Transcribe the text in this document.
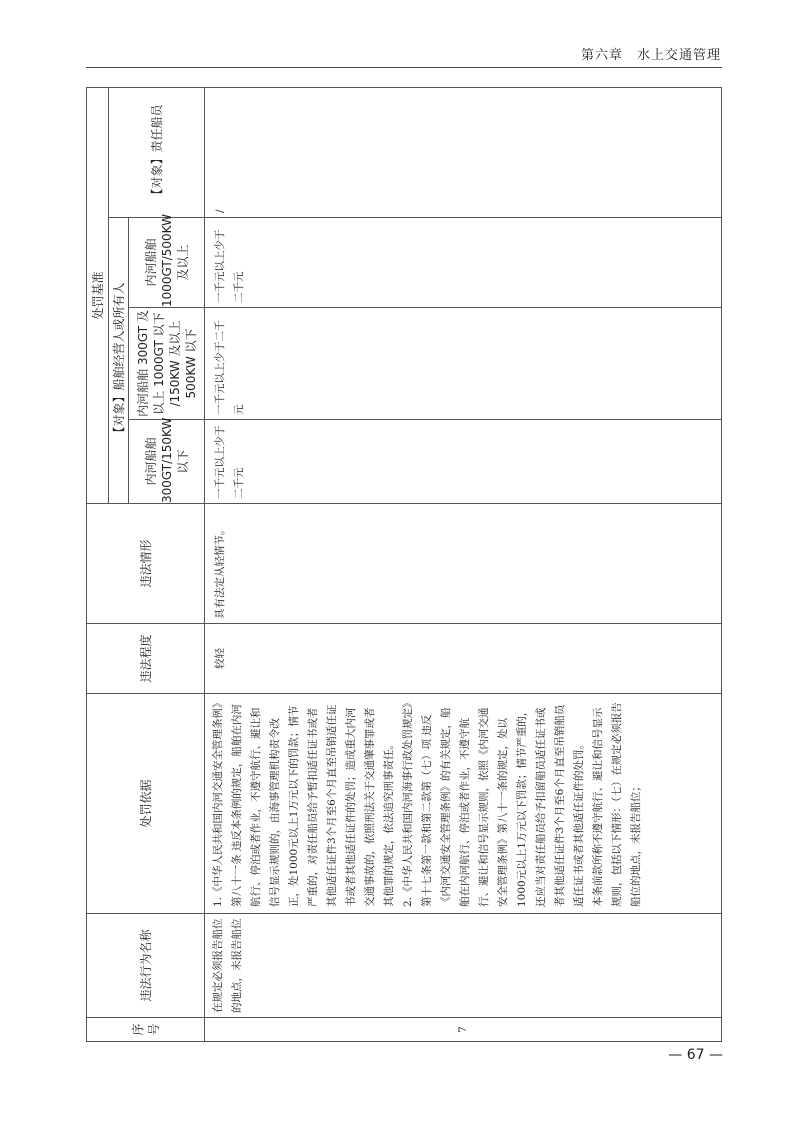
第六章　水上交通管理
序号	违法行为名称	处罚依据	违法程度	违法情形	处罚基准			
					【对象】船舶经营人或所有人			【对象】责任船员
					内河船舶 300GT/150KW 以下	内河船舶 300GT 及以上 1000GT 以下 /150KW 及以上 500KW 以下	内河船舶 1000GT/500KW 及以上	
7	在规定必须报告船位的地点，未报告船位	1.《中华人民共和国内河交通安全管理条例》第八十一条 违反本条例的规定，船舶在内河航行、停泊或者作业，不遵守航行、避让和信号显示规则的，由海事管理机构责令改正，处1000元以上1万元以下的罚款；情节严重的，对责任船员给予暂扣适任证书或者其他适任证件3个月至6个月直至吊销适任证书或者其他适任证件的处罚；造成重大内河交通事故的，依照刑法关于交通肇事罪或者其他罪的规定，依法追究刑事责任。 2.《中华人民共和国内河海事行政处罚规定》第十七条第一款和第二款第（七）项 违反《内河交通安全管理条例》的有关规定，船舶在内河航行、停泊或者作业，不遵守航行、避让和信号显示规则，依照《内河交通安全管理条例》第八十一条的规定，处以1000元以上1万元以下罚款；情节严重的，还应当对责任船员给予扣留船员适任证书或者其他适任证件3个月至6个月直至吊销船员适任证书或者其他适任证件的处罚。 本条前款所称不遵守航行、避让和信号显示规则，包括以下情形：（七）在规定必须报告船位的地点，未报告船位；	较轻	具有法定从轻情节。	一千元以上少于二千元	一千元以上少于二千元	一千元以上少于二千元	/
— 67 —
